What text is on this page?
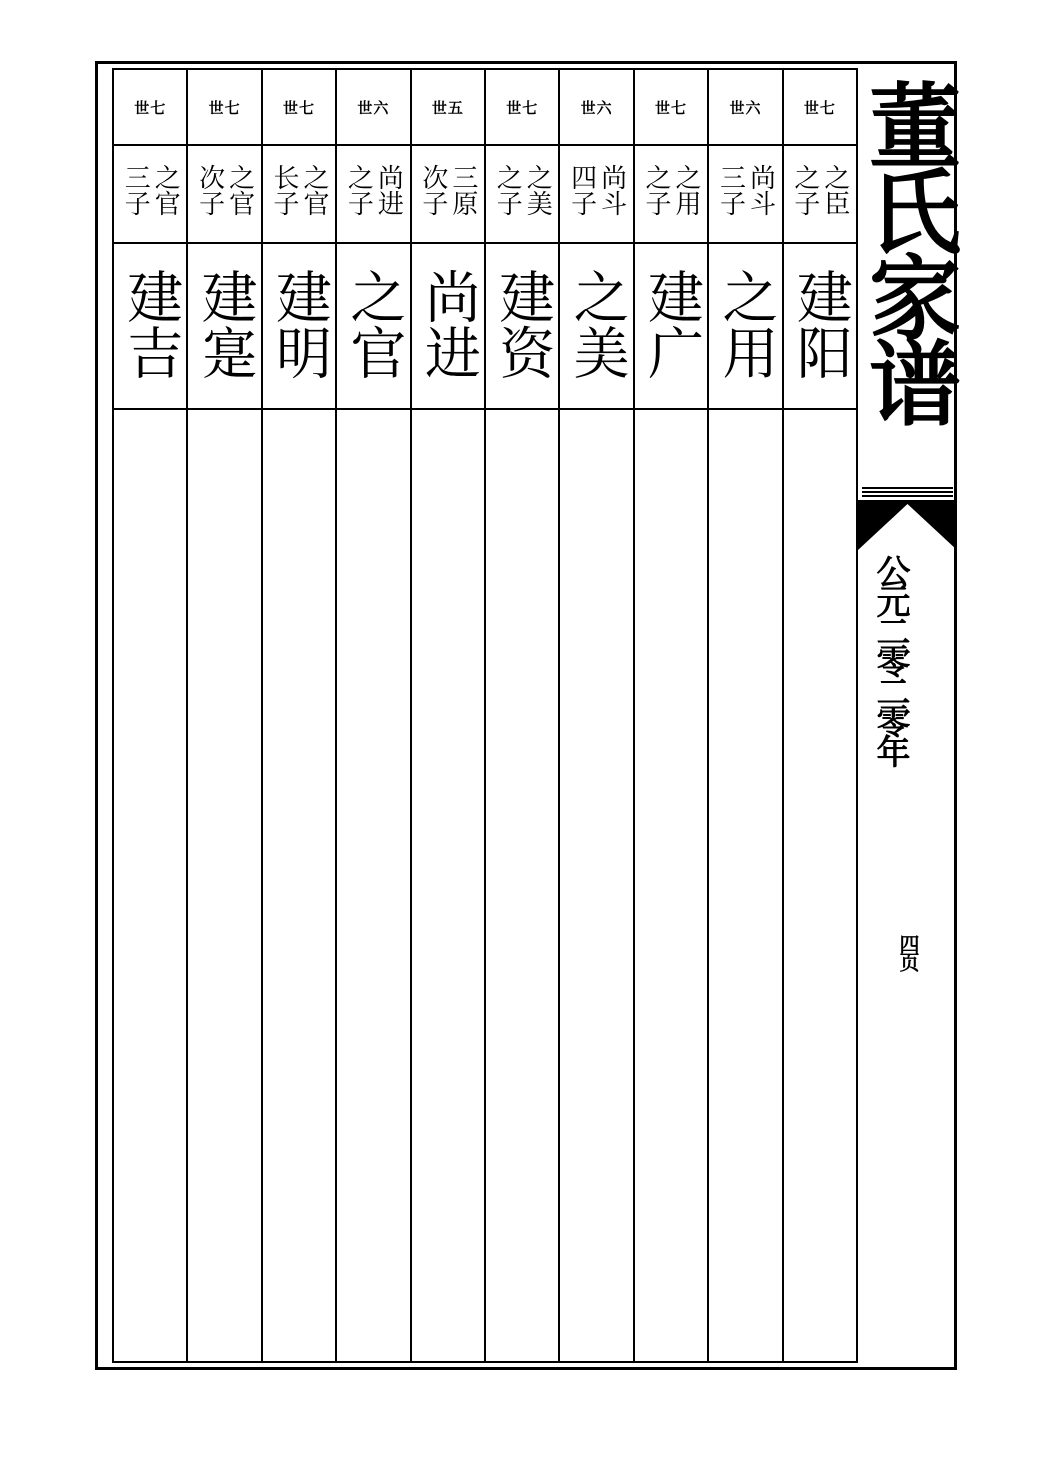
世七
之官三子
建吉
世七
之官次子
建寔
世七
之官长子
建明
世六
尚进之子
之官
世五
三原次子
尚进
世七
之美之子
建资
世六
尚斗四子
之美
世七
之用之子
建广
世六
尚斗三子
之用
世七
之臣之子
建阳 董氏家谱
公元二零二零年
四页
